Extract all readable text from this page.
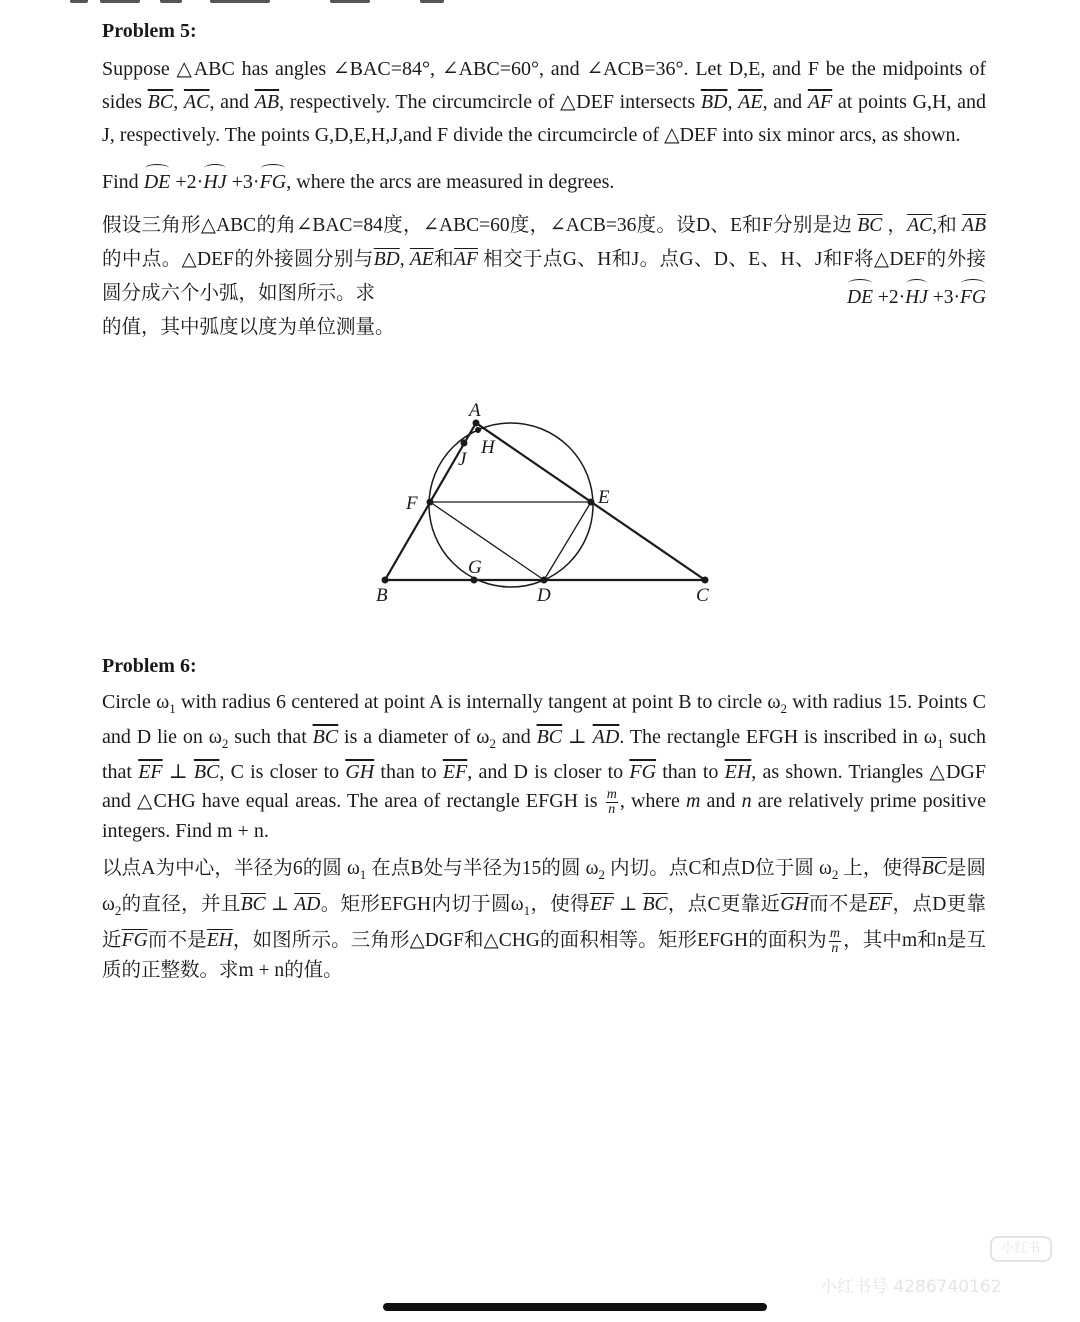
Problem 5:

Suppose △ABC has angles ∠BAC=84°, ∠ABC=60°, and ∠ACB=36°. Let D,E, and F be the midpoints of sides $\overline{BC}$, $\overline{AC}$, and $\overline{AB}$, respectively. The circumcircle of △DEF intersects $\overline{BD}$, $\overline{AE}$, and $\overline{AF}$ at points G,H, and J, respectively. The points G,D,E,H,J,and F divide the circumcircle of △DEF into six minor arcs, as shown.

Find DE +2·HJ +3·FG, where the arcs are measured in degrees.

假设三角形△ABC的角∠BAC=84度，∠ABC=60度，∠ACB=36度。设D、E和F分别是边 $\overline{BC}$ ，$\overline{AC}$,和 $\overline{AB}$的中点。△DEF的外接圆分别与$\overline{BD}$, $\overline{AE}$和$\overline{AF}$ 相交于点G、H和J。点G、D、E、H、J和F将△DEF的外接圆分成六个小弧，如图所示。求	DE +2·HJ +3·FG

的值，其中弧度以度为单位测量。

A
B	C
D
E
F
G
H
J
Problem 6:

Circle $\omega_1$ with radius 6 centered at point A is internally tangent at point B to circle $\omega_2$ with radius 15. Points C and D lie on $\omega_2$ such that $\overline{BC}$ is a diameter of $\omega_2$ and $\overline{BC}$ ⊥ $\overline{AD}$. The rectangle EFGH is inscribed in $\omega_1$ such that $\overline{EF}$ ⊥ $\overline{BC}$, C is closer to $\overline{GH}$ than to $\overline{EF}$, and D is closer to $\overline{FG}$ than to $\overline{EH}$, as shown. Triangles △DGF and △CHG have equal areas. The area of rectangle EFGH is $\frac{m}{n}$ , where m and n are relatively prime positive integers. Find m + n.

以点A为中心，半径为6的圆 $\omega_1$ 在点B处与半径为15的圆 $\omega_2$ 内切。点C和点D位于圆 $\omega_2$ 上，使得$\overline{BC}$是圆$\omega_2$的直径，并且$\overline{BC}$ ⊥ $\overline{AD}$。矩形EFGH内切于圆$\omega_1$，使得$\overline{EF}$ ⊥ $\overline{BC}$，点C更靠近$\overline{GH}$而不是$\overline{EF}$，点D更靠近$\overline{FG}$而不是$\overline{EH}$，如图所示。三角形△DGF和△CHG的面积相等。矩形EFGH的面积为 $\frac{m}{n}$ ，其中m和n是互质的正整数。求m + n的值。

小红书
小红书号 4286740162
